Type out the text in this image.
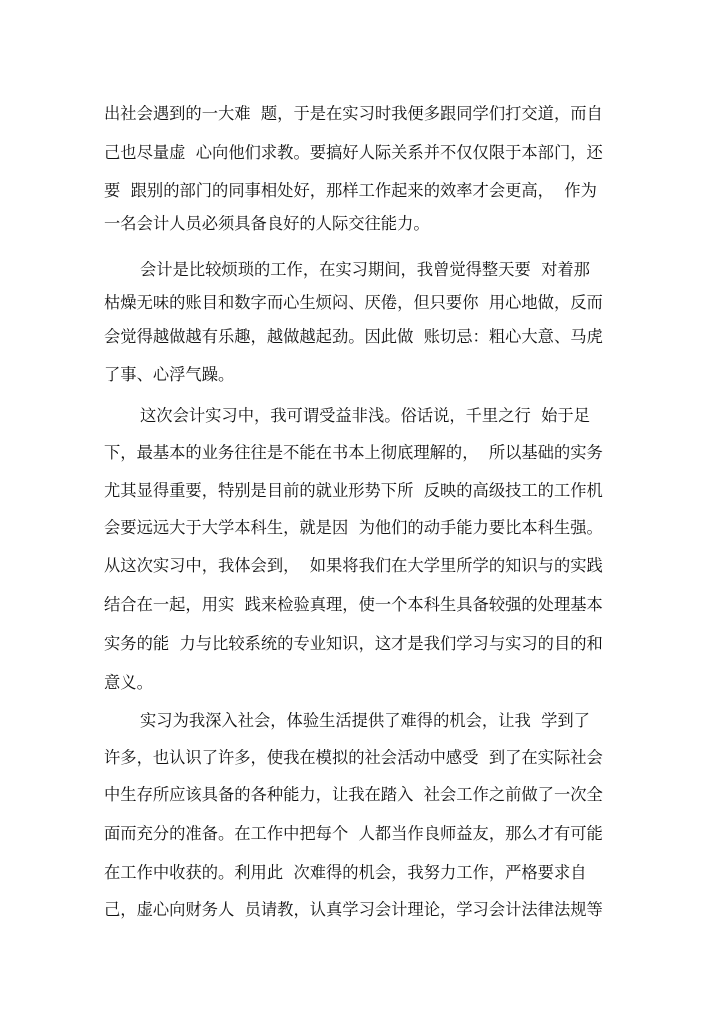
出社会遇到的一大难  题，于是在实习时我便多跟同学们打交道，而自
己也尽量虚  心向他们求教。要搞好人际关系并不仅仅限于本部门，还
要  跟别的部门的同事相处好，那样工作起来的效率才会更高，  作为
一名会计人员必须具备良好的人际交往能力。
会计是比较烦琐的工作，在实习期间，我曾觉得整天要  对着那
枯燥无味的账目和数字而心生烦闷、厌倦，但只要你  用心地做，反而
会觉得越做越有乐趣，越做越起劲。因此做  账切忌：粗心大意、马虎
了事、心浮气躁。
这次会计实习中，我可谓受益非浅。俗话说，千里之行  始于足
下，最基本的业务往往是不能在书本上彻底理解的，  所以基础的实务
尤其显得重要，特别是目前的就业形势下所  反映的高级技工的工作机
会要远远大于大学本科生，就是因  为他们的动手能力要比本科生强。
从这次实习中，我体会到，  如果将我们在大学里所学的知识与的实践
结合在一起，用实  践来检验真理，使一个本科生具备较强的处理基本
实务的能  力与比较系统的专业知识，这才是我们学习与实习的目的和
意义。
实习为我深入社会，体验生活提供了难得的机会，让我  学到了
许多，也认识了许多，使我在模拟的社会活动中感受  到了在实际社会
中生存所应该具备的各种能力，让我在踏入  社会工作之前做了一次全
面而充分的准备。在工作中把每个  人都当作良师益友，那么才有可能
在工作中收获的。利用此  次难得的机会，我努力工作，严格要求自
己，虚心向财务人  员请教，认真学习会计理论，学习会计法律法规等
